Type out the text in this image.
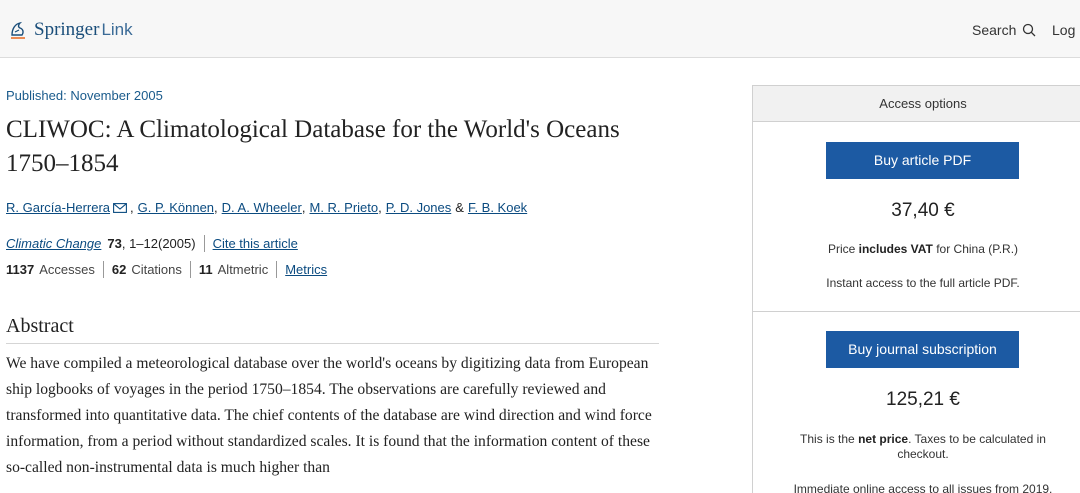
Springer Link	Search	Log
Published: November 2005
CLIWOC: A Climatological Database for the World's Oceans 1750–1854
R. García-Herrera , G. P. Können , D. A. Wheeler , M. R. Prieto , P. D. Jones & F. B. Koek
Climatic Change 73 , 1–12(2005) Cite this article
1137 Accesses 62 Citations 11 Altmetric Metrics
Abstract

We have compiled a meteorological database over the world's oceans by digitizing data from European ship logbooks of voyages in the period 1750–1854. The observations are carefully reviewed and transformed into quantitative data. The chief contents of the database are wind direction and wind force information, from a period without standardized scales. It is found that the information content of these so-called non-instrumental data is much higher than

Access options
Buy article PDF
37,40 €
Price includes VAT for China (P.R.)
Instant access to the full article PDF.
Buy journal subscription
125,21 €
This is the net price. Taxes to be calculated in checkout.
Immediate online access to all issues from 2019.
